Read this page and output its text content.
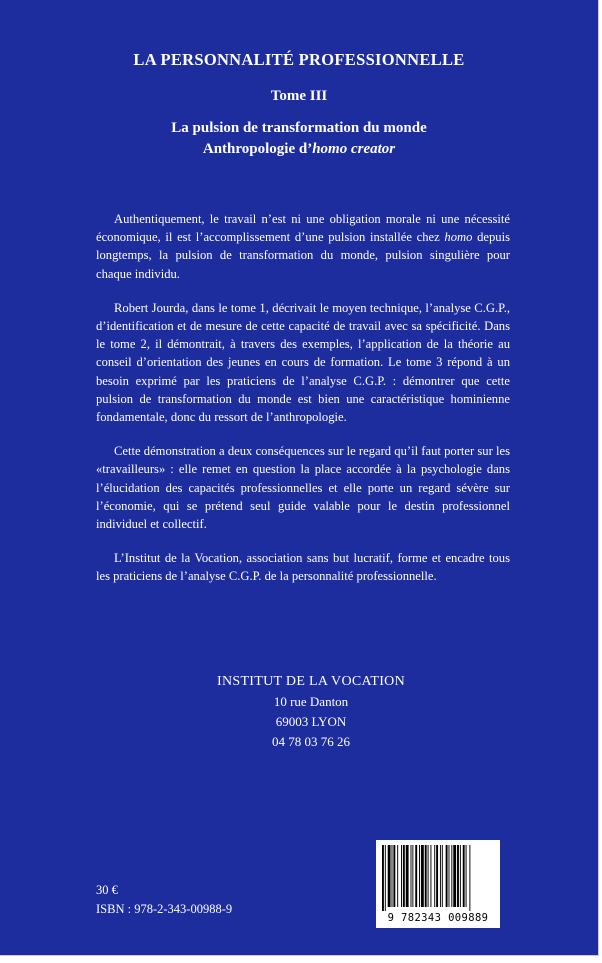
LA PERSONNALITÉ PROFESSIONNELLE
Tome III
La pulsion de transformation du monde
Anthropologie d’homo creator

Authentiquement, le travail n’est ni une obligation morale ni une nécessité économique, il est l’accomplissement d’une pulsion installée chez homo depuis longtemps, la pulsion de transformation du monde, pulsion singulière pour chaque individu.

Robert Jourda, dans le tome 1, décrivait le moyen technique, l’analyse C.G.P., d’identification et de mesure de cette capacité de travail avec sa spécificité. Dans le tome 2, il démontrait, à travers des exemples, l’application de la théorie au conseil d’orientation des jeunes en cours de formation. Le tome 3 répond à un besoin exprimé par les praticiens de l’analyse C.G.P. : démontrer que cette pulsion de transformation du monde est bien une caractéristique hominienne fondamentale, donc du ressort de l’anthropologie.

Cette démonstration a deux conséquences sur le regard qu’il faut porter sur les «travailleurs» : elle remet en question la place accordée à la psychologie dans l’élucidation des capacités professionnelles et elle porte un regard sévère sur l’économie, qui se prétend seul guide valable pour le destin professionnel individuel et collectif.

L’Institut de la Vocation, association sans but lucratif, forme et encadre tous les praticiens de l’analyse C.G.P. de la personnalité professionnelle.

INSTITUT DE LA VOCATION
10 rue Danton
69003 LYON
04 78 03 76 26
30 €
ISBN : 978-2-343-00988-9
9 782343 009889
